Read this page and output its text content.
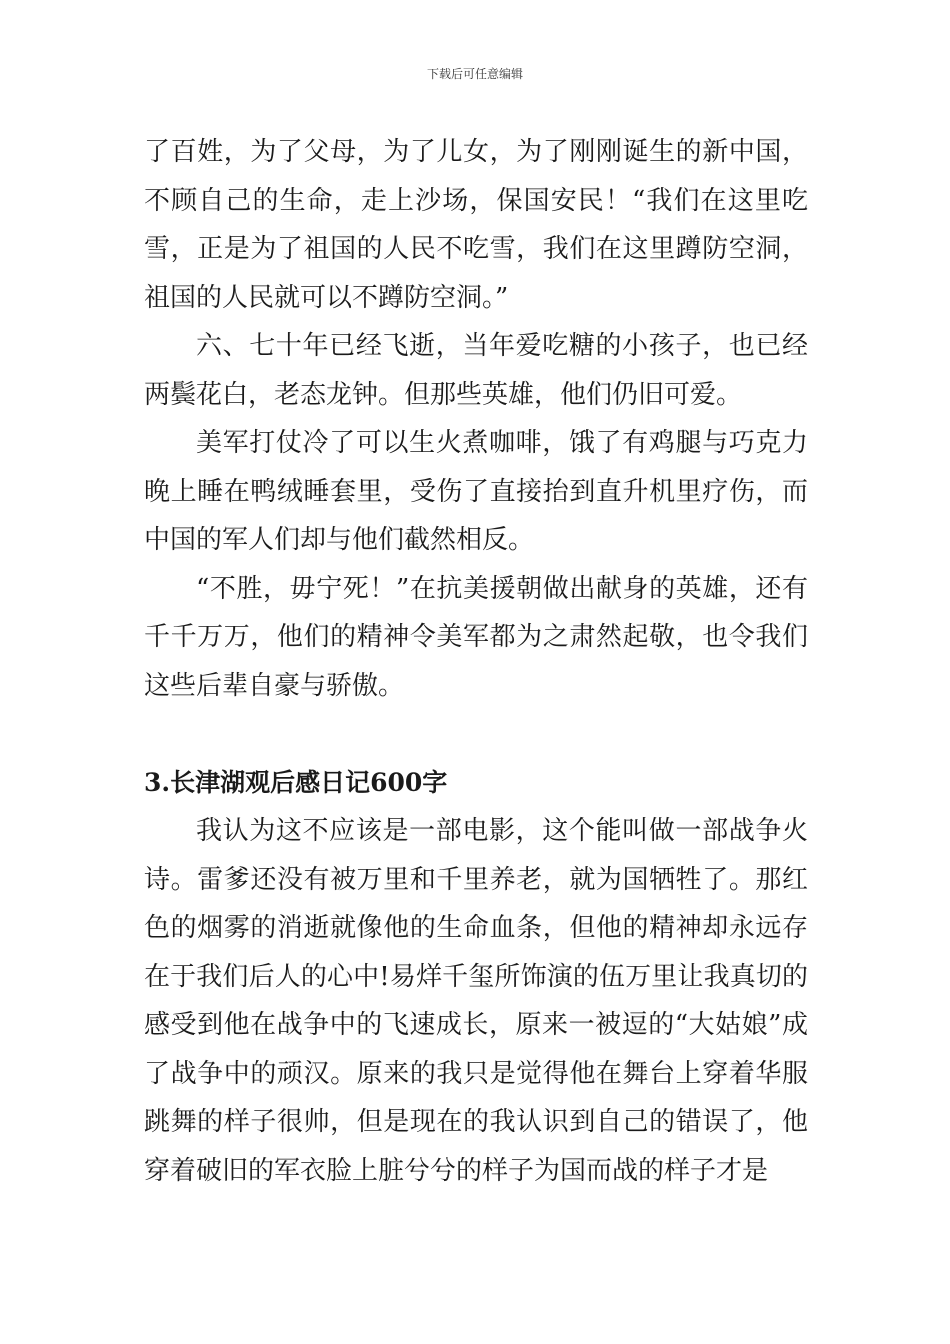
下载后可任意编辑

了百姓，为了父母，为了儿女，为了刚刚诞生的新中国，不顾自己的生命，走上沙场，保国安民！“我们在这里吃雪，正是为了祖国的人民不吃雪，我们在这里蹲防空洞，祖国的人民就可以不蹲防空洞。”

六、七十年已经飞逝，当年爱吃糖的小孩子，也已经两鬓花白，老态龙钟。但那些英雄，他们仍旧可爱。

美军打仗冷了可以生火煮咖啡，饿了有鸡腿与巧克力晚上睡在鸭绒睡套里，受伤了直接抬到直升机里疗伤，而中国的军人们却与他们截然相反。

“不胜，毋宁死！”在抗美援朝做出献身的英雄，还有千千万万，他们的精神令美军都为之肃然起敬，也令我们这些后辈自豪与骄傲。

3.长津湖观后感日记600字

我认为这不应该是一部电影，这个能叫做一部战争火诗。雷爹还没有被万里和千里养老，就为国牺牲了。那红色的烟雾的消逝就像他的生命血条，但他的精神却永远存在于我们后人的心中!易烊千玺所饰演的伍万里让我真切的感受到他在战争中的飞速成长，原来一被逗的“大姑娘”成了战争中的顽汉。原来的我只是觉得他在舞台上穿着华服跳舞的样子很帅，但是现在的我认识到自己的错误了，他穿着破旧的军衣脸上脏兮兮的样子为国而战的样子才是
